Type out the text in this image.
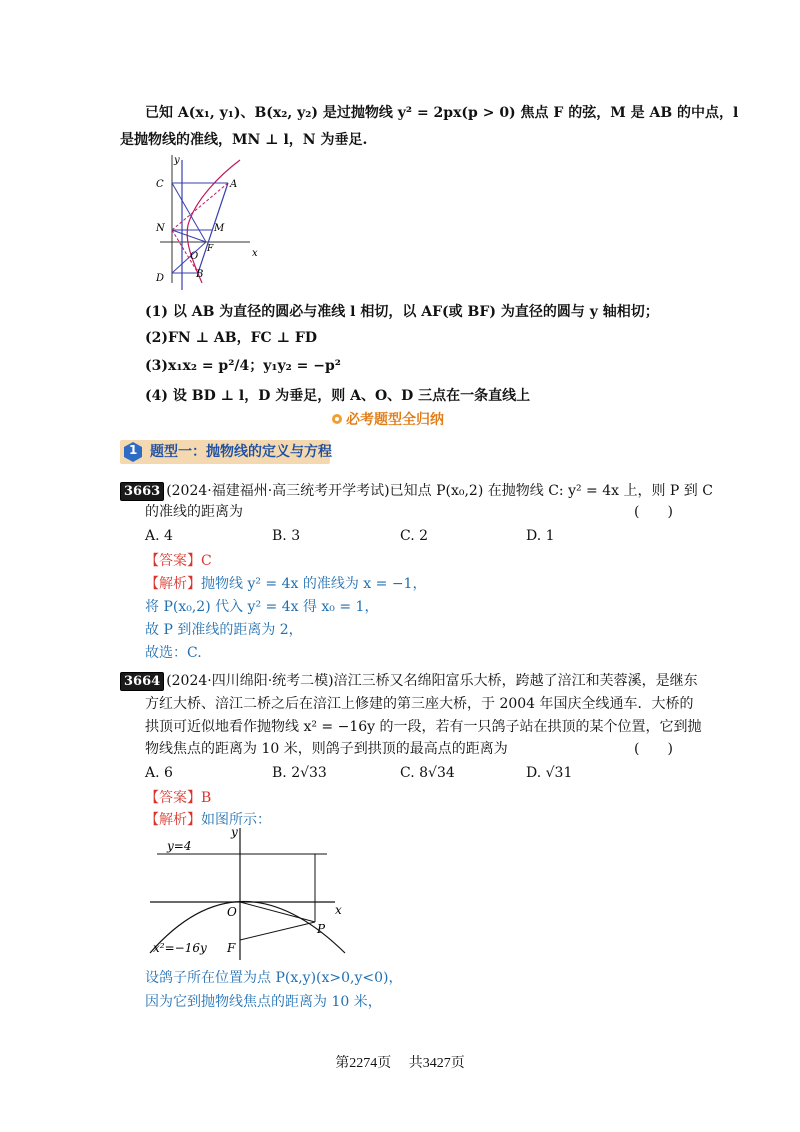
已知 A(x₁, y₁)、B(x₂, y₂) 是过抛物线 y² = 2px(p > 0) 焦点 F 的弦，M 是 AB 的中点，l
是抛物线的准线，MN ⊥ l，N 为垂足.
y
C	A
N	M
F	x
O
D	B
(1) 以 AB 为直径的圆必与准线 l 相切，以 AF(或 BF) 为直径的圆与 y 轴相切；
(2)FN ⊥ AB，FC ⊥ FD
(3)x₁x₂ = p²/4；y₁y₂ = −p²
(4) 设 BD ⊥ l，D 为垂足，则 A、O、D 三点在一条直线上
必考题型全归纳
1 题型一：抛物线的定义与方程
3663 (2024·福建福州·高三统考开学考试)已知点 P(x₀,2) 在抛物线 C: y² = 4x 上，则 P 到 C
的准线的距离为	(　　)
A. 4	B. 3	C. 2	D. 1
【答案】C
【解析】抛物线 y² = 4x 的准线为 x = −1，
将 P(x₀,2) 代入 y² = 4x 得 x₀ = 1，
故 P 到准线的距离为 2，
故选：C.
3664 (2024·四川绵阳·统考二模)涪江三桥又名绵阳富乐大桥，跨越了涪江和芙蓉溪，是继东
方红大桥、涪江二桥之后在涪江上修建的第三座大桥，于 2004 年国庆全线通车．大桥的
拱顶可近似地看作抛物线 x² = −16y 的一段，若有一只鸽子站在拱顶的某个位置，它到抛
物线焦点的距离为 10 米，则鸽子到拱顶的最高点的距离为	(　　)
A. 6	B. 2√33	C. 8√34	D. √31
【答案】B
【解析】如图所示：
y
y=4
O	x
P
x²=−16y F
设鸽子所在位置为点 P(x,y)(x>0,y<0)，
因为它到抛物线焦点的距离为 10 米，
第2274页 共3427页
